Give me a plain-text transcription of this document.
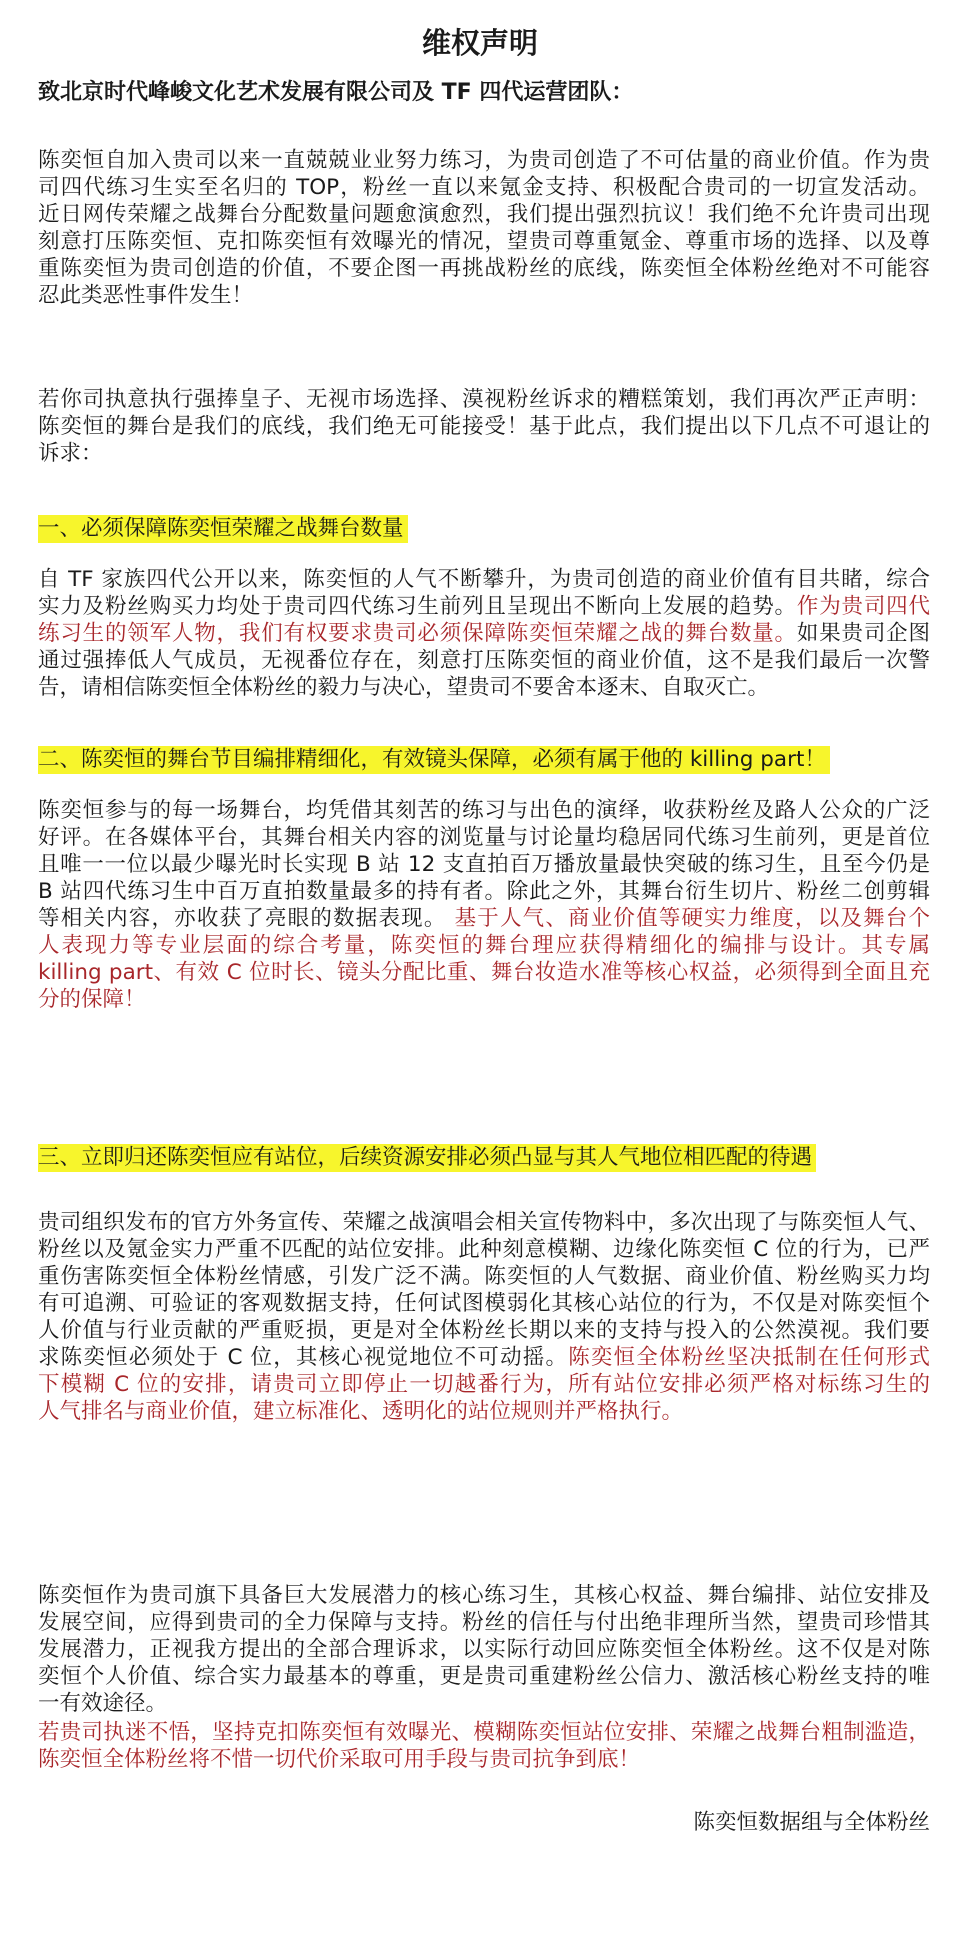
维权声明
致北京时代峰峻文化艺术发展有限公司及 TF 四代运营团队：
陈奕恒自加入贵司以来一直兢兢业业努力练习，为贵司创造了不可估量的商业价值。作为贵
司四代练习生实至名归的 TOP，粉丝一直以来氪金支持、积极配合贵司的一切宣发活动。
近日网传荣耀之战舞台分配数量问题愈演愈烈，我们提出强烈抗议！我们绝不允许贵司出现
刻意打压陈奕恒、克扣陈奕恒有效曝光的情况，望贵司尊重氪金、尊重市场的选择、以及尊
重陈奕恒为贵司创造的价值，不要企图一再挑战粉丝的底线，陈奕恒全体粉丝绝对不可能容
忍此类恶性事件发生！
若你司执意执行强捧皇子、无视市场选择、漠视粉丝诉求的糟糕策划，我们再次严正声明：
陈奕恒的舞台是我们的底线，我们绝无可能接受！基于此点，我们提出以下几点不可退让的
诉求：
一、必须保障陈奕恒荣耀之战舞台数量
自 TF 家族四代公开以来，陈奕恒的人气不断攀升，为贵司创造的商业价值有目共睹，综合
实力及粉丝购买力均处于贵司四代练习生前列且呈现出不断向上发展的趋势。作为贵司四代
练习生的领军人物，我们有权要求贵司必须保障陈奕恒荣耀之战的舞台数量。如果贵司企图
通过强捧低人气成员，无视番位存在，刻意打压陈奕恒的商业价值，这不是我们最后一次警
告，请相信陈奕恒全体粉丝的毅力与决心，望贵司不要舍本逐末、自取灭亡。
二、陈奕恒的舞台节目编排精细化，有效镜头保障，必须有属于他的 killing part！
陈奕恒参与的每一场舞台，均凭借其刻苦的练习与出色的演绎，收获粉丝及路人公众的广泛
好评。在各媒体平台，其舞台相关内容的浏览量与讨论量均稳居同代练习生前列，更是首位
且唯一一位以最少曝光时长实现 B 站 12 支直拍百万播放量最快突破的练习生，且至今仍是
B 站四代练习生中百万直拍数量最多的持有者。除此之外，其舞台衍生切片、粉丝二创剪辑
等相关内容，亦收获了亮眼的数据表现。 基于人气、商业价值等硬实力维度，以及舞台个
人表现力等专业层面的综合考量，陈奕恒的舞台理应获得精细化的编排与设计。其专属
killing part、有效 C 位时长、镜头分配比重、舞台妆造水准等核心权益，必须得到全面且充
分的保障！
三、立即归还陈奕恒应有站位，后续资源安排必须凸显与其人气地位相匹配的待遇
贵司组织发布的官方外务宣传、荣耀之战演唱会相关宣传物料中，多次出现了与陈奕恒人气、
粉丝以及氪金实力严重不匹配的站位安排。此种刻意模糊、边缘化陈奕恒 C 位的行为，已严
重伤害陈奕恒全体粉丝情感，引发广泛不满。陈奕恒的人气数据、商业价值、粉丝购买力均
有可追溯、可验证的客观数据支持，任何试图模弱化其核心站位的行为，不仅是对陈奕恒个
人价值与行业贡献的严重贬损，更是对全体粉丝长期以来的支持与投入的公然漠视。我们要
求陈奕恒必须处于 C 位，其核心视觉地位不可动摇。陈奕恒全体粉丝坚决抵制在任何形式
下模糊 C 位的安排，请贵司立即停止一切越番行为，所有站位安排必须严格对标练习生的
人气排名与商业价值，建立标准化、透明化的站位规则并严格执行。
陈奕恒作为贵司旗下具备巨大发展潜力的核心练习生，其核心权益、舞台编排、站位安排及
发展空间，应得到贵司的全力保障与支持。粉丝的信任与付出绝非理所当然，望贵司珍惜其
发展潜力，正视我方提出的全部合理诉求，以实际行动回应陈奕恒全体粉丝。这不仅是对陈
奕恒个人价值、综合实力最基本的尊重，更是贵司重建粉丝公信力、激活核心粉丝支持的唯
一有效途径。
若贵司执迷不悟，坚持克扣陈奕恒有效曝光、模糊陈奕恒站位安排、荣耀之战舞台粗制滥造，
陈奕恒全体粉丝将不惜一切代价采取可用手段与贵司抗争到底！
陈奕恒数据组与全体粉丝
